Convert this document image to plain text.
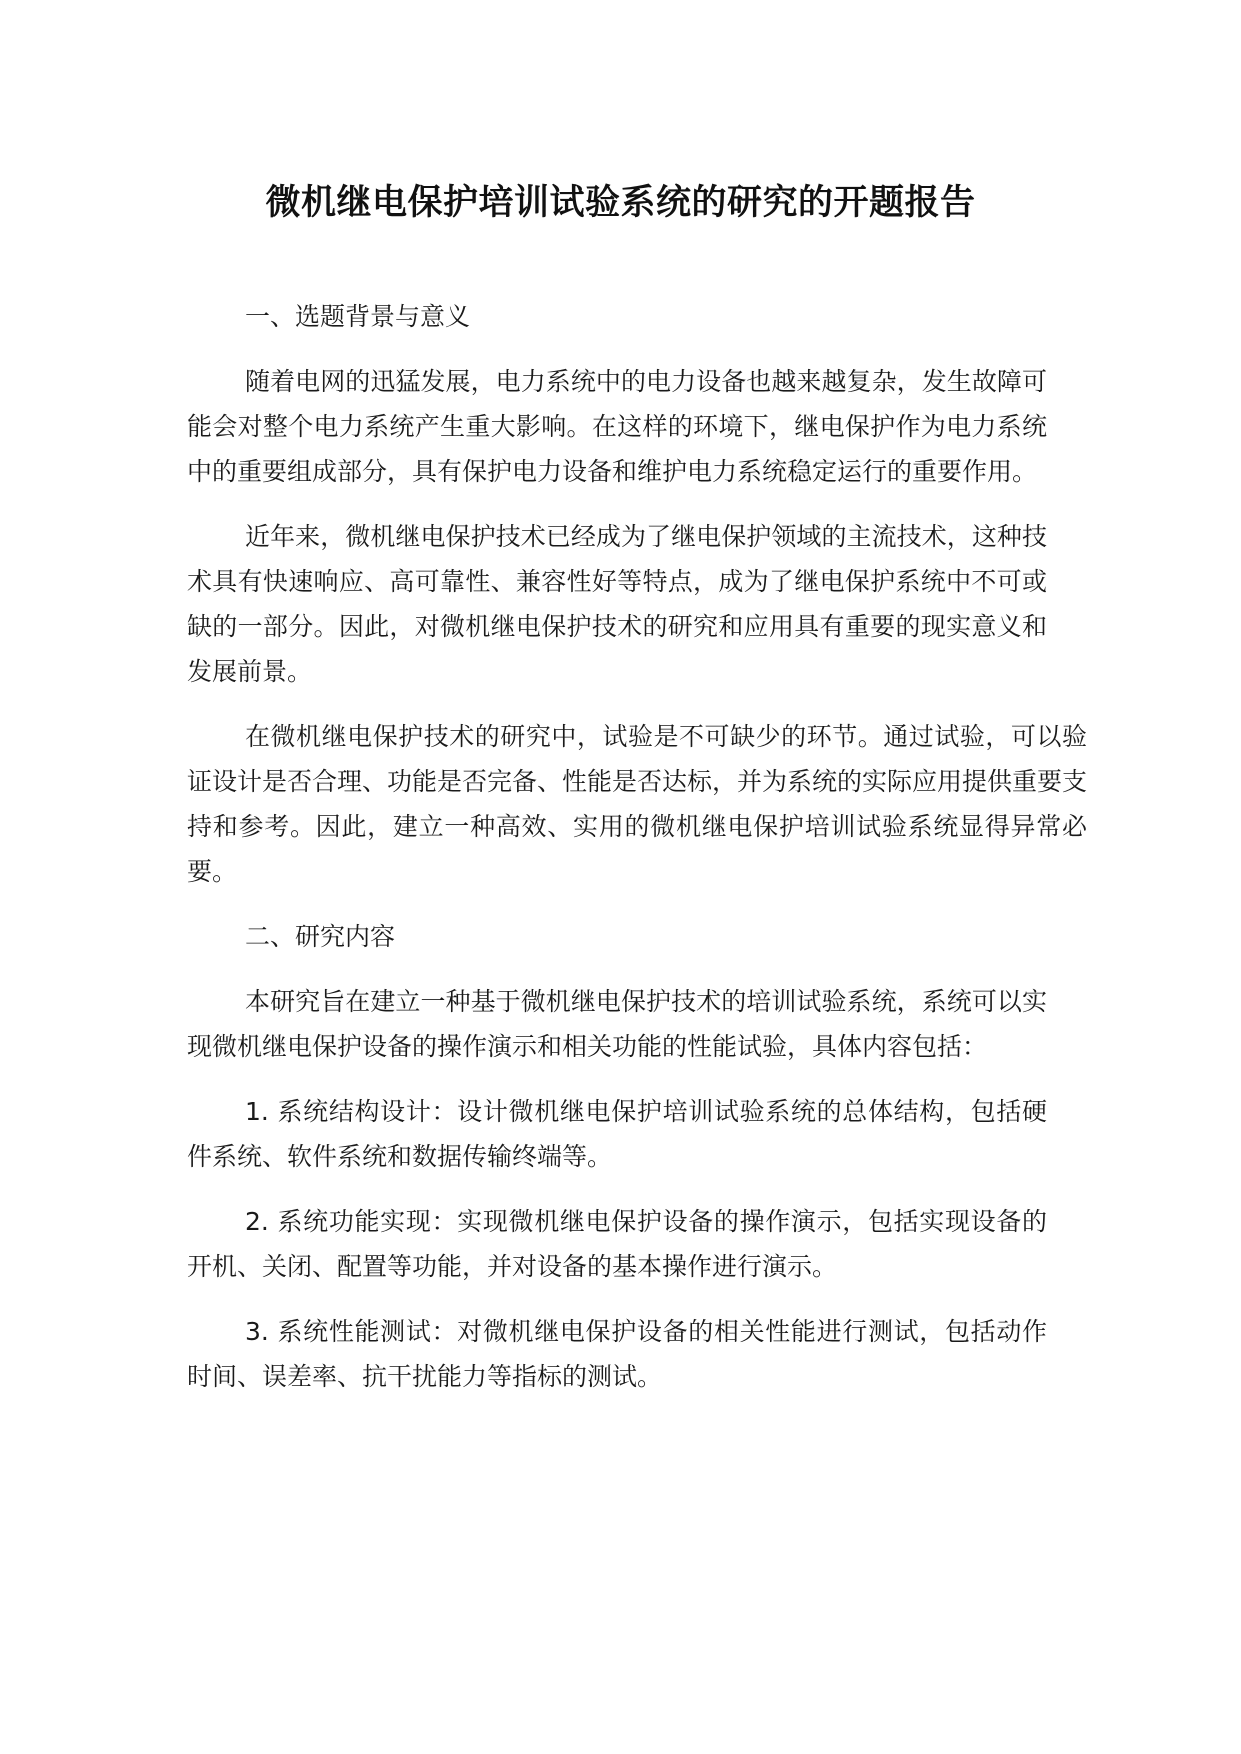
微机继电保护培训试验系统的研究的开题报告

一、选题背景与意义

随着电网的迅猛发展，电力系统中的电力设备也越来越复杂，发生故障可能会对整个电力系统产生重大影响。在这样的环境下，继电保护作为电力系统中的重要组成部分，具有保护电力设备和维护电力系统稳定运行的重要作用。

近年来，微机继电保护技术已经成为了继电保护领域的主流技术，这种技术具有快速响应、高可靠性、兼容性好等特点，成为了继电保护系统中不可或缺的一部分。因此，对微机继电保护技术的研究和应用具有重要的现实意义和发展前景。

在微机继电保护技术的研究中，试验是不可缺少的环节。通过试验，可以验证设计是否合理、功能是否完备、性能是否达标，并为系统的实际应用提供重要支持和参考。因此，建立一种高效、实用的微机继电保护培训试验系统显得异常必要。

二、研究内容

本研究旨在建立一种基于微机继电保护技术的培训试验系统，系统可以实现微机继电保护设备的操作演示和相关功能的性能试验，具体内容包括：

1. 系统结构设计：设计微机继电保护培训试验系统的总体结构，包括硬件系统、软件系统和数据传输终端等。

2. 系统功能实现：实现微机继电保护设备的操作演示，包括实现设备的开机、关闭、配置等功能，并对设备的基本操作进行演示。

3. 系统性能测试：对微机继电保护设备的相关性能进行测试，包括动作时间、误差率、抗干扰能力等指标的测试。
